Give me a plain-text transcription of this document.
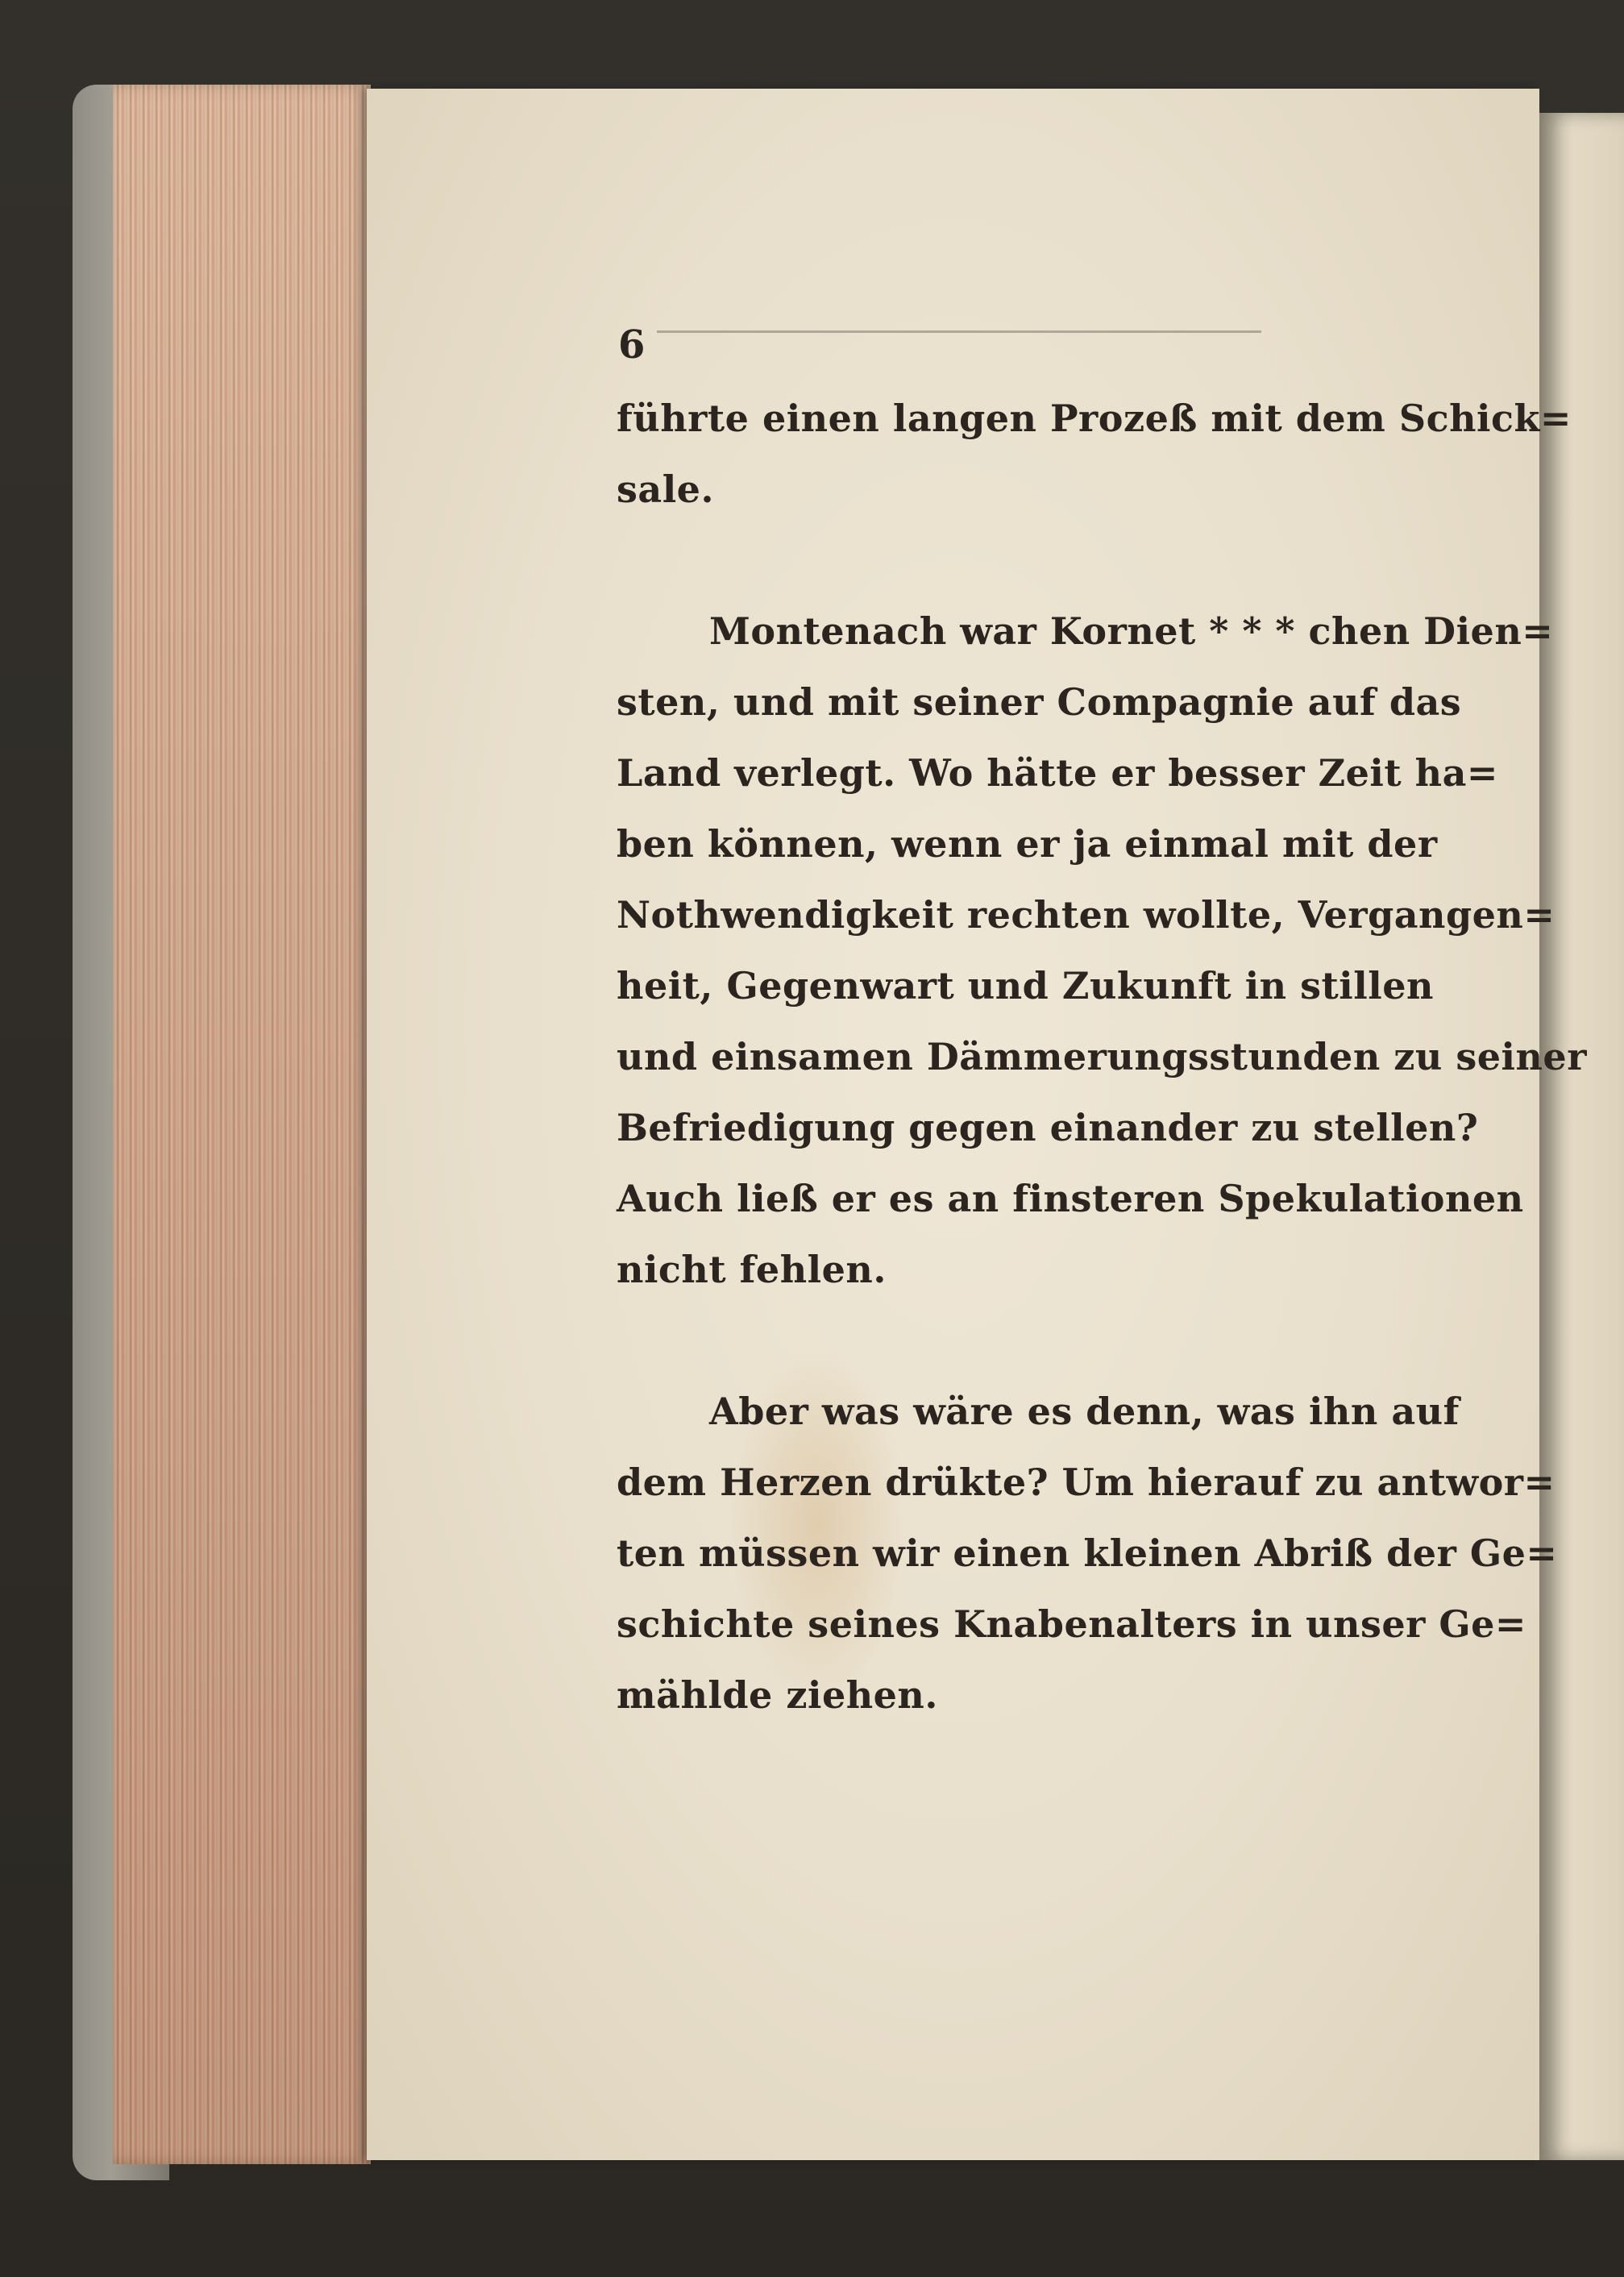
6

führte einen langen Prozeß mit dem Schick=
sale.
Montenach war Kornet * * * chen Dien=
sten, und mit seiner Compagnie auf das
Land verlegt. Wo hätte er besser Zeit ha=
ben können, wenn er ja einmal mit der
Nothwendigkeit rechten wollte, Vergangen=
heit, Gegenwart und Zukunft in stillen
und einsamen Dämmerungsstunden zu seiner
Befriedigung gegen einander zu stellen?
Auch ließ er es an finsteren Spekulationen
nicht fehlen.
Aber was wäre es denn, was ihn auf
dem Herzen drükte? Um hierauf zu antwor=
ten müssen wir einen kleinen Abriß der Ge=
schichte seines Knabenalters in unser Ge=
mählde ziehen.
